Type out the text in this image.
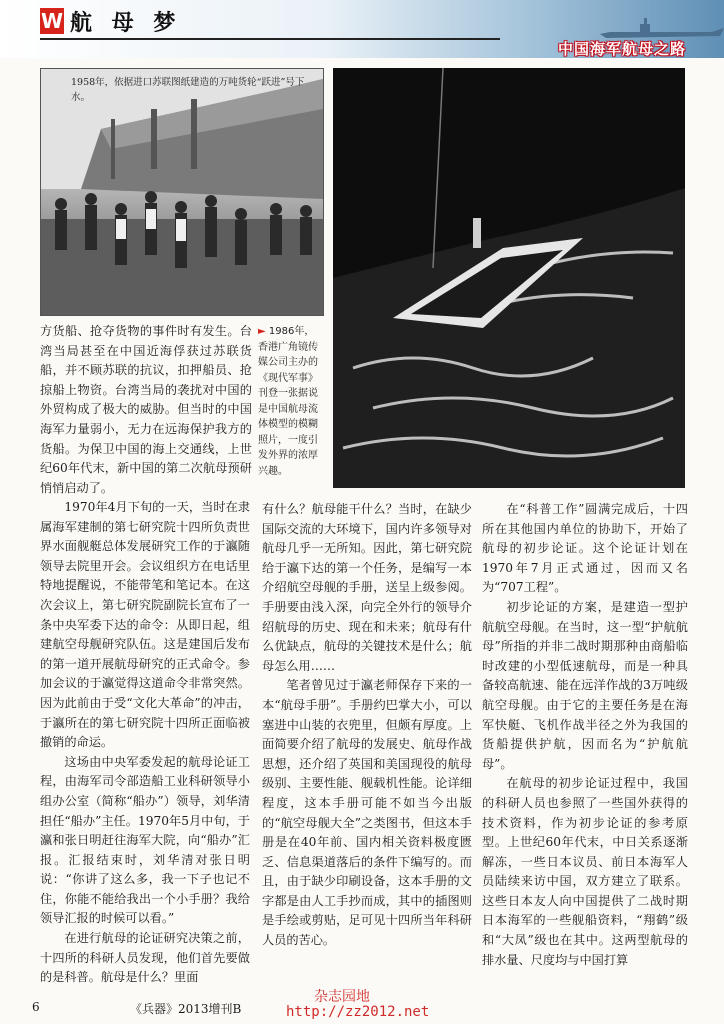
W 航 母 梦
中国海军航母之路
1958年，依据进口苏联图纸建造的万吨货轮“跃进”号下水。
► 1986年，香港广角镜传媒公司主办的《现代军事》刊登一张据说是中国航母流体模型的模糊照片，一度引发外界的浓厚兴趣。

方货船、抢夺货物的事件时有发生。台湾当局甚至在中国近海俘获过苏联货船，并不顾苏联的抗议，扣押船员、抢掠船上物资。台湾当局的袭扰对中国的外贸构成了极大的威胁。但当时的中国海军力量弱小，无力在远海保护我方的货船。为保卫中国的海上交通线，上世纪60年代末，新中国的第二次航母预研悄悄启动了。

1970年4月下旬的一天，当时在隶属海军建制的第七研究院十四所负责世界水面舰艇总体发展研究工作的于瀛随领导去院里开会。会议组织方在电话里特地提醒说，不能带笔和笔记本。在这次会议上，第七研究院副院长宣布了一条中央军委下达的命令：从即日起，组建航空母舰研究队伍。这是建国后发布的第一道开展航母研究的正式命令。参加会议的于瀛觉得这道命令非常突然。因为此前由于受“文化大革命”的冲击，于瀛所在的第七研究院十四所正面临被撤销的命运。

这场由中央军委发起的航母论证工程，由海军司令部造船工业科研领导小组办公室（简称“船办”）领导，刘华清担任“船办”主任。1970年5月中旬，于瀛和张日明赶往海军大院，向“船办”汇报。汇报结束时，刘华清对张日明说：“你讲了这么多，我一下子也记不住，你能不能给我出一个小手册？我给领导汇报的时候可以看。”

在进行航母的论证研究决策之前，十四所的科研人员发现，他们首先要做的是科普。航母是什么？里面

有什么？航母能干什么？当时，在缺少国际交流的大环境下，国内许多领导对航母几乎一无所知。因此，第七研究院给于瀛下达的第一个任务，是编写一本介绍航空母舰的手册，送呈上级参阅。手册要由浅入深，向完全外行的领导介绍航母的历史、现在和未来；航母有什么优缺点，航母的关键技术是什么；航母怎么用……

笔者曾见过于瀛老师保存下来的一本“航母手册”。手册约巴掌大小，可以塞进中山装的衣兜里，但颇有厚度。上面简要介绍了航母的发展史、航母作战思想，还介绍了英国和美国现役的航母级别、主要性能、舰载机性能。论详细程度，这本手册可能不如当今出版的“航空母舰大全”之类图书，但这本手册是在40年前、国内相关资料极度匮乏、信息渠道落后的条件下编写的。而且，由于缺少印刷设备，这本手册的文字都是由人工手抄而成，其中的插图则是手绘或剪贴，足可见十四所当年科研人员的苦心。

在“科普工作”圆满完成后，十四所在其他国内单位的协助下，开始了航母的初步论证。这个论证计划在1970年7月正式通过，因而又名为“707工程”。

初步论证的方案，是建造一型护航航空母舰。在当时，这一型“护航航母”所指的并非二战时期那种由商船临时改建的小型低速航母，而是一种具备较高航速、能在远洋作战的3万吨级航空母舰。由于它的主要任务是在海军快艇、飞机作战半径之外为我国的货船提供护航，因而名为“护航航母”。

在航母的初步论证过程中，我国的科研人员也参照了一些国外获得的技术资料，作为初步论证的参考原型。上世纪60年代末，中日关系逐渐解冻，一些日本议员、前日本海军人员陆续来访中国，双方建立了联系。这些日本友人向中国提供了二战时期日本海军的一些舰船资料，“翔鹤”级和“大凤”级也在其中。这两型航母的排水量、尺度均与中国打算

6	《兵器》2013增刊B
杂志园地
http://zz2012.net
